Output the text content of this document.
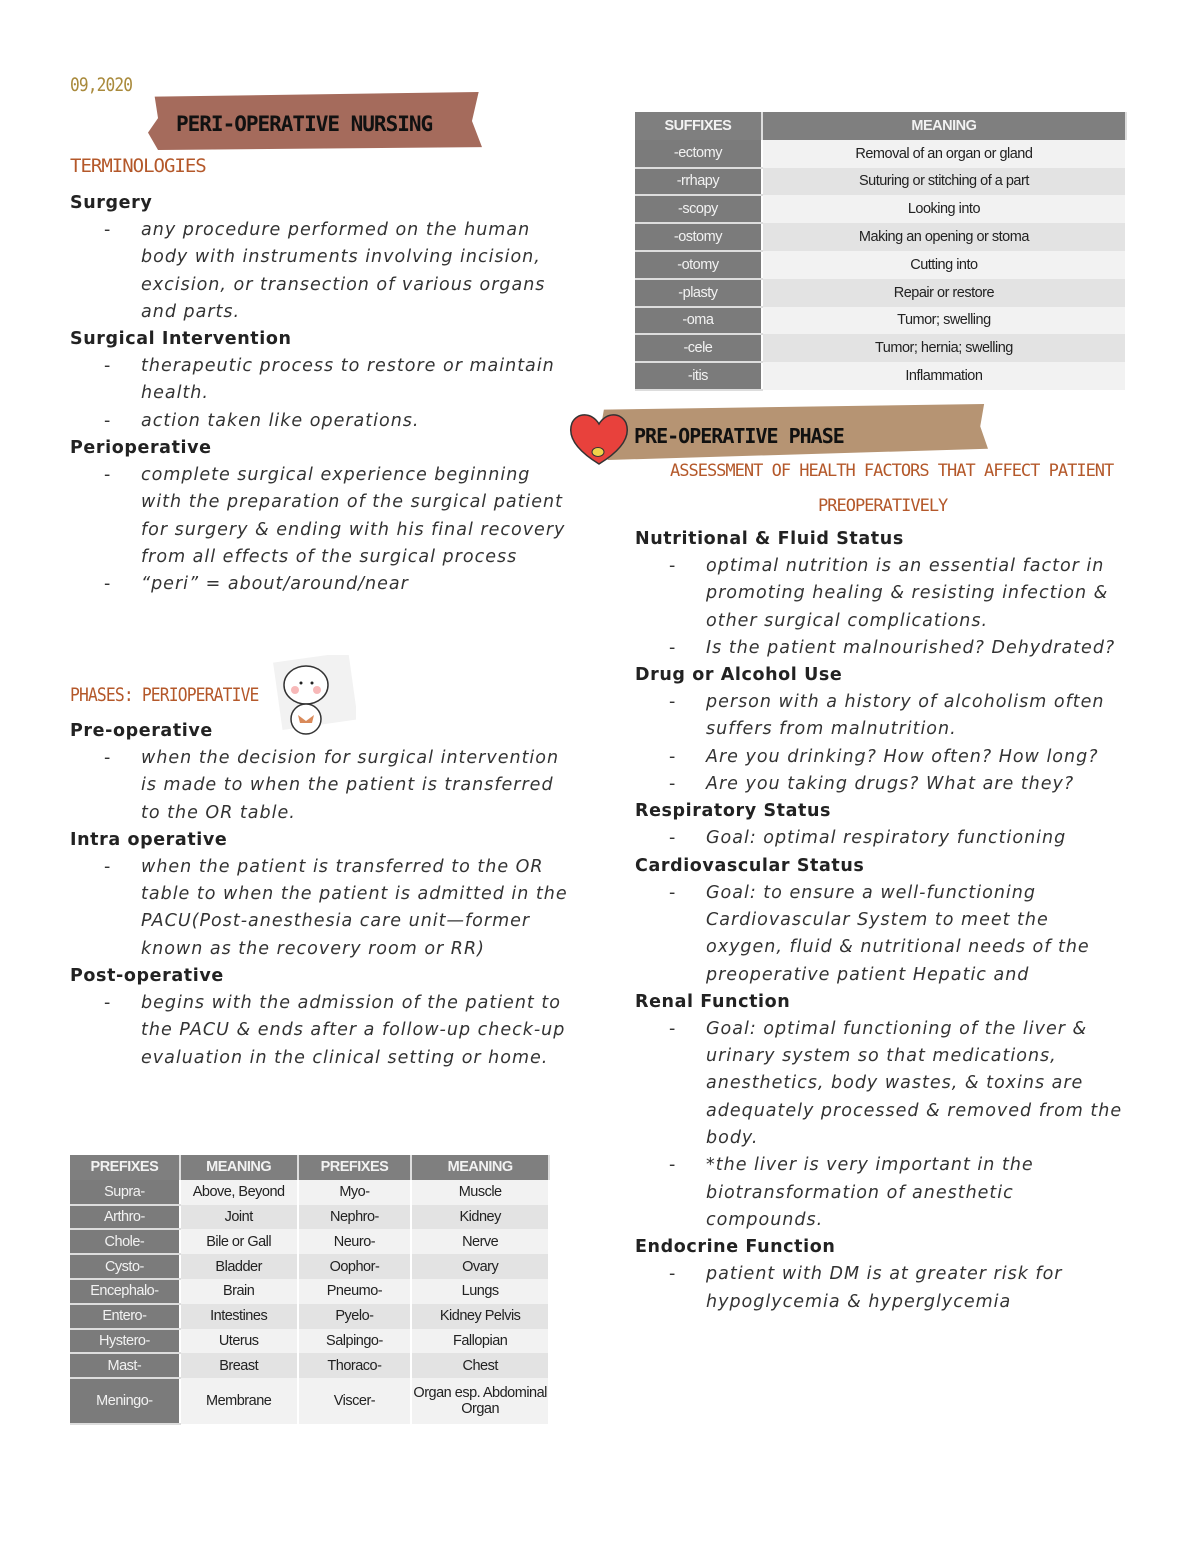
09,2020
PERI-OPERATIVE NURSING
TERMINOLOGIES
Surgery
- any procedure performed on the human body with instruments involving incision, excision, or transection of various organs and parts.
Surgical Intervention
- therapeutic process to restore or maintain health.
- action taken like operations.
Perioperative
- complete surgical experience beginning with the preparation of the surgical patient for surgery & ending with his final recovery from all effects of the surgical process
- “peri” = about/around/near
PHASES: PERIOPERATIVE
Pre-operative
- when the decision for surgical intervention is made to when the patient is transferred to the OR table.
Intra operative
- when the patient is transferred to the OR table to when the patient is admitted in the PACU(Post-anesthesia care unit—former known as the recovery room or RR)
Post-operative
- begins with the admission of the patient to the PACU & ends after a follow-up check-up evaluation in the clinical setting or home.
PREFIXES	MEANING	PREFIXES	MEANING
Supra-	Above, Beyond	Myo-	Muscle
Arthro-	Joint	Nephro-	Kidney
Chole-	Bile or Gall	Neuro-	Nerve
Cysto-	Bladder	Oophor-	Ovary
Encephalo-	Brain	Pneumo-	Lungs
Entero-	Intestines	Pyelo-	Kidney Pelvis
Hystero-	Uterus	Salpingo-	Fallopian
Mast-	Breast	Thoraco-	Chest
Meningo-	Membrane	Viscer-	Organ esp. Abdominal Organ
SUFFIXES	MEANING
-ectomy	Removal of an organ or gland
-rrhapy	Suturing or stitching of a part
-scopy	Looking into
-ostomy	Making an opening or stoma
-otomy	Cutting into
-plasty	Repair or restore
-oma	Tumor; swelling
-cele	Tumor; hernia; swelling
-itis	Inflammation
PRE-OPERATIVE PHASE
ASSESSMENT OF HEALTH FACTORS THAT AFFECT PATIENT
PREOPERATIVELY
Nutritional & Fluid Status
- optimal nutrition is an essential factor in promoting healing & resisting infection & other surgical complications.
- Is the patient malnourished? Dehydrated?
Drug or Alcohol Use
- person with a history of alcoholism often suffers from malnutrition.
- Are you drinking? How often? How long?
- Are you taking drugs? What are they?
Respiratory Status
- Goal: optimal respiratory functioning
Cardiovascular Status
- Goal: to ensure a well-functioning Cardiovascular System to meet the oxygen, fluid & nutritional needs of the preoperative patient Hepatic and
Renal Function
- Goal: optimal functioning of the liver & urinary system so that medications, anesthetics, body wastes, & toxins are adequately processed & removed from the body.
- *the liver is very important in the biotransformation of anesthetic compounds.
Endocrine Function
- patient with DM is at greater risk for hypoglycemia & hyperglycemia
